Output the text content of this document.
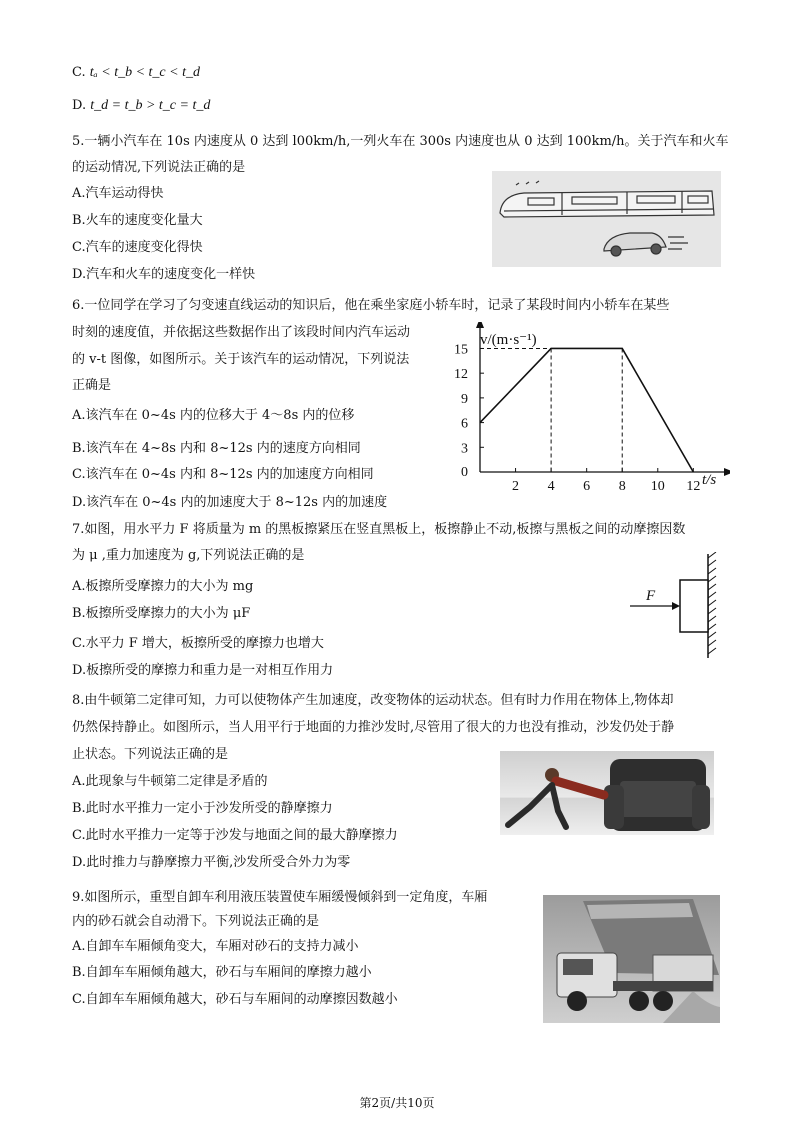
C. tₐ < t_b < t_c < t_d
D. t_d = t_b > t_c = t_d
5.一辆小汽车在 10s 内速度从 0 达到 l00km/h,一列火车在 300s 内速度也从 0 达到 100km/h。关于汽车和火车
的运动情况,下列说法正确的是
A.汽车运动得快
B.火车的速度变化量大
C.汽车的速度变化得快
D.汽车和火车的速度变化一样快
6.一位同学在学习了匀变速直线运动的知识后，他在乘坐家庭小轿车时，记录了某段时间内小轿车在某些
时刻的速度值，并依据这些数据作出了该段时间内汽车运动
的 v-t 图像，如图所示。关于该汽车的运动情况，下列说法
正确是
A.该汽车在 0~4s 内的位移大于 4～8s 内的位移
B.该汽车在 4~8s 内和 8~12s 内的速度方向相同
C.该汽车在 0~4s 内和 8~12s 内的加速度方向相同
D.该汽车在 0~4s 内的加速度大于 8~12s 内的加速度
2 4 6 8 10 12
0
3
6
9
12
15
v/(m·s⁻¹)
t/s
7.如图，用水平力 F 将质量为 m 的黑板擦紧压在竖直黑板上，板擦静止不动,板擦与黑板之间的动摩擦因数
为 μ ,重力加速度为 g,下列说法正确的是
A.板擦所受摩擦力的大小为 mg
B.板擦所受摩擦力的大小为 μF
C.水平力 F 增大，板擦所受的摩擦力也增大
D.板擦所受的摩擦力和重力是一对相互作用力
F
8.由牛顿第二定律可知，力可以使物体产生加速度，改变物体的运动状态。但有时力作用在物体上,物体却
仍然保持静止。如图所示，当人用平行于地面的力推沙发时,尽管用了很大的力也没有推动，沙发仍处于静
止状态。下列说法正确的是
A.此现象与牛顿第二定律是矛盾的
B.此时水平推力一定小于沙发所受的静摩擦力
C.此时水平推力一定等于沙发与地面之间的最大静摩擦力
D.此时推力与静摩擦力平衡,沙发所受合外力为零
9.如图所示，重型自卸车利用液压装置使车厢缓慢倾斜到一定角度，车厢
内的砂石就会自动滑下。下列说法正确的是
A.自卸车车厢倾角变大，车厢对砂石的支持力减小
B.自卸车车厢倾角越大，砂石与车厢间的摩擦力越小
C.自卸车车厢倾角越大，砂石与车厢间的动摩擦因数越小
第2页/共10页
